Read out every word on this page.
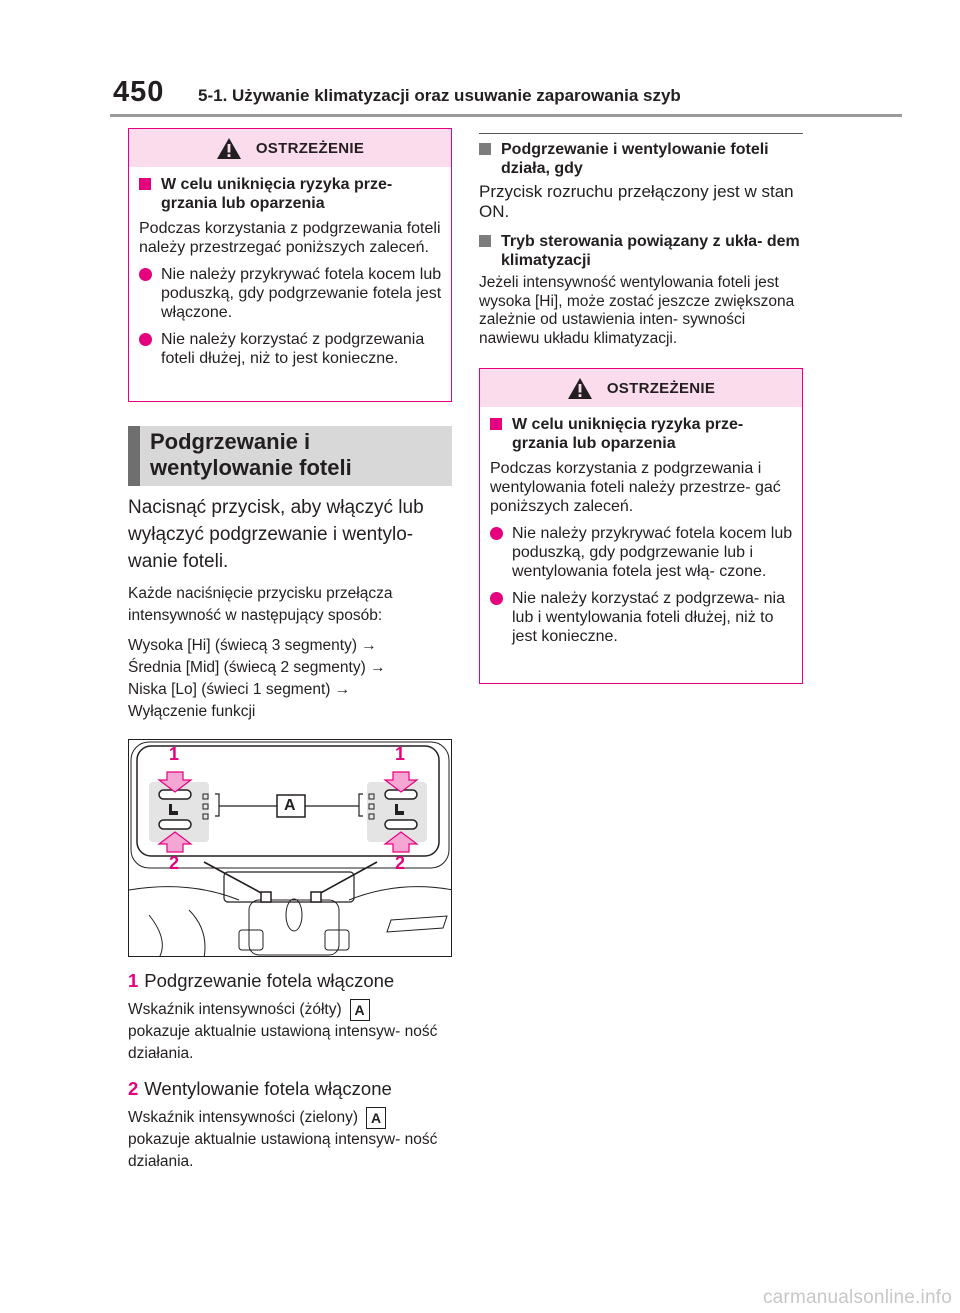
450 5-1. Używanie klimatyzacji oraz usuwanie zaparowania szyb
OSTRZEŻENIE
W celu uniknięcia ryzyka prze- grzania lub oparzenia
Podczas korzystania z podgrzewania foteli należy przestrzegać poniższych zaleceń.
Nie należy przykrywać fotela kocem lub poduszką, gdy podgrzewanie fotela jest włączone.
Nie należy korzystać z podgrzewania foteli dłużej, niż to jest konieczne.
Podgrzewanie i wentylowanie foteli
Nacisnąć przycisk, aby włączyć lub wyłączyć podgrzewanie i wentylo- wanie foteli.
Każde naciśnięcie przycisku przełącza intensywność w następujący sposób:
Wysoka [Hi] (świecą 3 segmenty) →
Średnia [Mid] (świecą 2 segmenty) →
Niska [Lo] (świeci 1 segment) →
Wyłączenie funkcji
1	1
2	2
A
1 Podgrzewanie fotela włączone
Wskaźnik intensywności (żółty) A
pokazuje aktualnie ustawioną intensyw- ność działania.
2 Wentylowanie fotela włączone
Wskaźnik intensywności (zielony) A
pokazuje aktualnie ustawioną intensyw- ność działania.
Podgrzewanie i wentylowanie foteli działa, gdy
Przycisk rozruchu przełączony jest w stan ON.
Tryb sterowania powiązany z ukła- dem klimatyzacji
Jeżeli intensywność wentylowania foteli jest wysoka [Hi], może zostać jeszcze zwiększona zależnie od ustawienia inten- sywności nawiewu układu klimatyzacji.
OSTRZEŻENIE
W celu uniknięcia ryzyka prze- grzania lub oparzenia
Podczas korzystania z podgrzewania i wentylowania foteli należy przestrze- gać poniższych zaleceń.
Nie należy przykrywać fotela kocem lub poduszką, gdy podgrzewanie lub i wentylowania fotela jest włą- czone.
Nie należy korzystać z podgrzewa- nia lub i wentylowania foteli dłużej, niż to jest konieczne.
carmanualsonline.info
